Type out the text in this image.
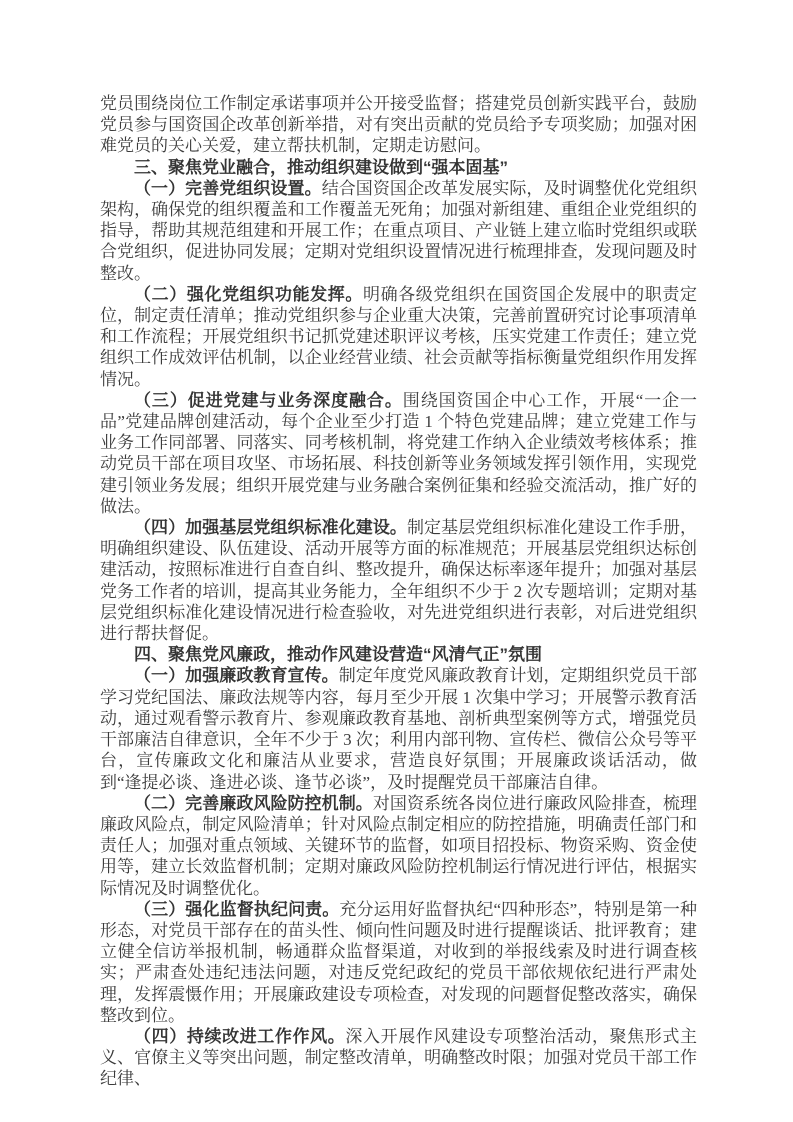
党员围绕岗位工作制定承诺事项并公开接受监督；搭建党员创新实践平台，鼓励党员参与国资国企改革创新举措，对有突出贡献的党员给予专项奖励；加强对困难党员的关心关爱，建立帮扶机制，定期走访慰问。

三、聚焦党业融合，推动组织建设做到“强本固基”

（一）完善党组织设置。结合国资国企改革发展实际，及时调整优化党组织架构，确保党的组织覆盖和工作覆盖无死角；加强对新组建、重组企业党组织的指导，帮助其规范组建和开展工作；在重点项目、产业链上建立临时党组织或联合党组织，促进协同发展；定期对党组织设置情况进行梳理排查，发现问题及时整改。

（二）强化党组织功能发挥。明确各级党组织在国资国企发展中的职责定位，制定责任清单；推动党组织参与企业重大决策，完善前置研究讨论事项清单和工作流程；开展党组织书记抓党建述职评议考核，压实党建工作责任；建立党组织工作成效评估机制，以企业经营业绩、社会贡献等指标衡量党组织作用发挥情况。

（三）促进党建与业务深度融合。围绕国资国企中心工作，开展“一企一品”党建品牌创建活动，每个企业至少打造 1 个特色党建品牌；建立党建工作与业务工作同部署、同落实、同考核机制，将党建工作纳入企业绩效考核体系；推动党员干部在项目攻坚、市场拓展、科技创新等业务领域发挥引领作用，实现党建引领业务发展；组织开展党建与业务融合案例征集和经验交流活动，推广好的做法。

（四）加强基层党组织标准化建设。制定基层党组织标准化建设工作手册，明确组织建设、队伍建设、活动开展等方面的标准规范；开展基层党组织达标创建活动，按照标准进行自查自纠、整改提升，确保达标率逐年提升；加强对基层党务工作者的培训，提高其业务能力，全年组织不少于 2 次专题培训；定期对基层党组织标准化建设情况进行检查验收，对先进党组织进行表彰，对后进党组织进行帮扶督促。

四、聚焦党风廉政，推动作风建设营造“风清气正”氛围

（一）加强廉政教育宣传。制定年度党风廉政教育计划，定期组织党员干部学习党纪国法、廉政法规等内容，每月至少开展 1 次集中学习；开展警示教育活动，通过观看警示教育片、参观廉政教育基地、剖析典型案例等方式，增强党员干部廉洁自律意识，全年不少于 3 次；利用内部刊物、宣传栏、微信公众号等平台，宣传廉政文化和廉洁从业要求，营造良好氛围；开展廉政谈话活动，做到“逢提必谈、逢进必谈、逢节必谈”，及时提醒党员干部廉洁自律。

（二）完善廉政风险防控机制。对国资系统各岗位进行廉政风险排查，梳理廉政风险点，制定风险清单；针对风险点制定相应的防控措施，明确责任部门和责任人；加强对重点领域、关键环节的监督，如项目招投标、物资采购、资金使用等，建立长效监督机制；定期对廉政风险防控机制运行情况进行评估，根据实际情况及时调整优化。

（三）强化监督执纪问责。充分运用好监督执纪“四种形态”，特别是第一种形态，对党员干部存在的苗头性、倾向性问题及时进行提醒谈话、批评教育；建立健全信访举报机制，畅通群众监督渠道，对收到的举报线索及时进行调查核实；严肃查处违纪违法问题，对违反党纪政纪的党员干部依规依纪进行严肃处理，发挥震慑作用；开展廉政建设专项检查，对发现的问题督促整改落实，确保整改到位。

（四）持续改进工作作风。深入开展作风建设专项整治活动，聚焦形式主义、官僚主义等突出问题，制定整改清单，明确整改时限；加强对党员干部工作纪律、
